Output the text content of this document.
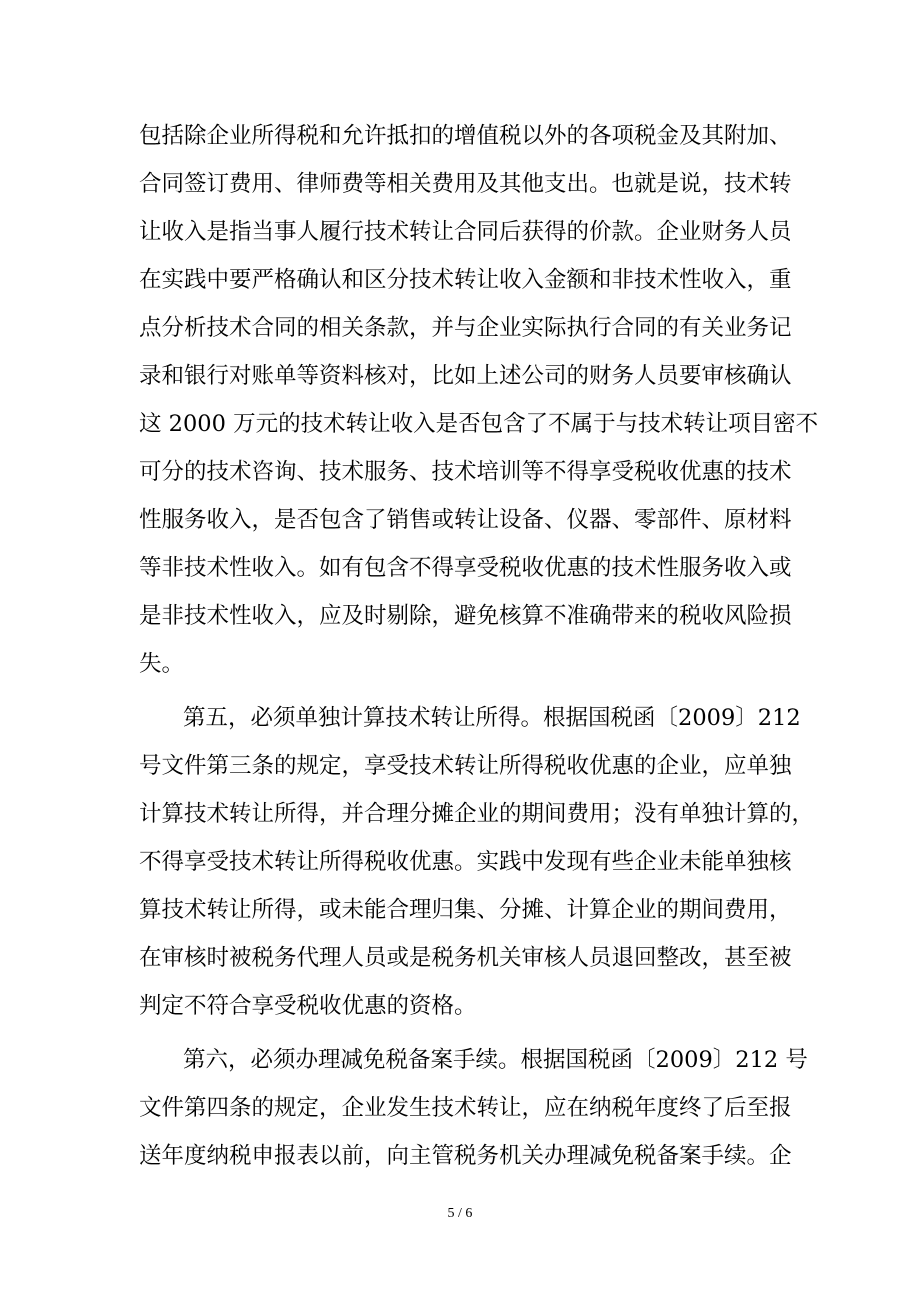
包括除企业所得税和允许抵扣的增值税以外的各项税金及其附加、
合同签订费用、律师费等相关费用及其他支出。也就是说，技术转
让收入是指当事人履行技术转让合同后获得的价款。企业财务人员
在实践中要严格确认和区分技术转让收入金额和非技术性收入，重
点分析技术合同的相关条款，并与企业实际执行合同的有关业务记
录和银行对账单等资料核对，比如上述公司的财务人员要审核确认
这 2000 万元的技术转让收入是否包含了不属于与技术转让项目密不
可分的技术咨询、技术服务、技术培训等不得享受税收优惠的技术
性服务收入，是否包含了销售或转让设备、仪器、零部件、原材料
等非技术性收入。如有包含不得享受税收优惠的技术性服务收入或
是非技术性收入，应及时剔除，避免核算不准确带来的税收风险损
失。
第五，必须单独计算技术转让所得。根据国税函〔2009〕212
号文件第三条的规定，享受技术转让所得税收优惠的企业，应单独
计算技术转让所得，并合理分摊企业的期间费用；没有单独计算的，
不得享受技术转让所得税收优惠。实践中发现有些企业未能单独核
算技术转让所得，或未能合理归集、分摊、计算企业的期间费用，
在审核时被税务代理人员或是税务机关审核人员退回整改，甚至被
判定不符合享受税收优惠的资格。
第六，必须办理减免税备案手续。根据国税函〔2009〕212 号
文件第四条的规定，企业发生技术转让，应在纳税年度终了后至报
送年度纳税申报表以前，向主管税务机关办理减免税备案手续。企
5 / 6
